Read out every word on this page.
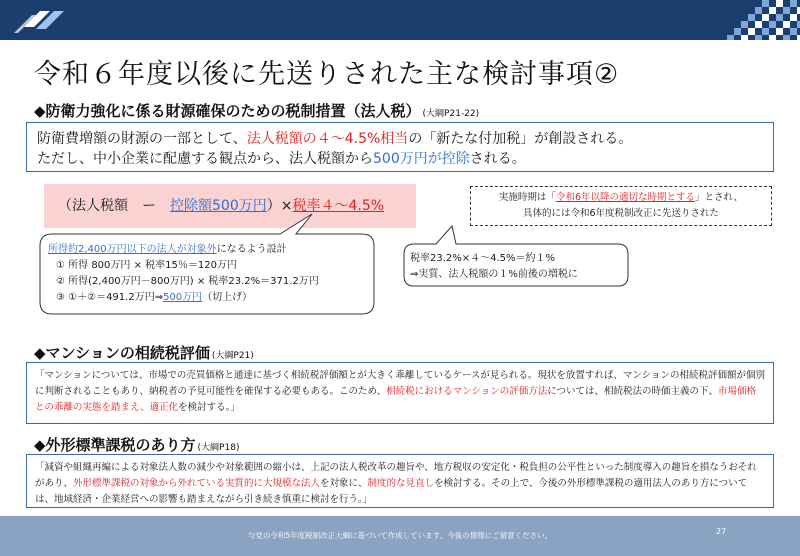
令和６年度以後に先送りされた主な検討事項②
◆防衛力強化に係る財源確保のための税制措置（法人税） (大綱P21-22)
防衛費増額の財源の一部として、法人税額の４～4.5%相当の「新たな付加税」が創設される。
ただし、中小企業に配慮する観点から、法人税額から500万円が控除される。
（法人税額　ー　控除額500万円）×税率４～4.5%
実施時期は「令和6年以降の適切な時期とする」とされ、
具体的には令和6年度税制改正に先送りされた
所得約2,400万円以下の法人が対象外になるよう設計
① 所得 800万円 × 税率15％＝120万円
② 所得(2,400万円－800万円) × 税率23.2%＝371.2万円
③ ①＋②＝491.2万円⇒500万円（切上げ）
税率23.2%×４～4.5%＝約１%
⇒実質、法人税額の１%前後の増税に
◆マンションの相続税評価 (大綱P21)
「マンションについては、市場での売買価格と通達に基づく相続税評価額とが大きく乖離しているケースが見られる。現状を放置すれば、マンションの相続税評価額が個別に判断されることもあり、納税者の予見可能性を確保する必要もある。このため、相続税におけるマンションの評価方法については、相続税法の時価主義の下、市場価格との乖離の実態を踏まえ、適正化を検討する。」
◆外形標準課税のあり方 (大綱P18)
「減資や組織再編による対象法人数の減少や対象範囲の縮小は、上記の法人税改革の趣旨や、地方税収の安定化・税負担の公平性といった制度導入の趣旨を損なうおそれがあり、外形標準課税の対象から外れている実質的に大規模な法人を対象に、制度的な見直しを検討する。その上で、今後の外形標準課税の適用法人のあり方については、地域経済・企業経営への影響も踏まえながら引き続き慎重に検討を行う。」
与党の令和5年度税制改正大綱に基づいて作成しています。今後の情報にご留意ください。	27
